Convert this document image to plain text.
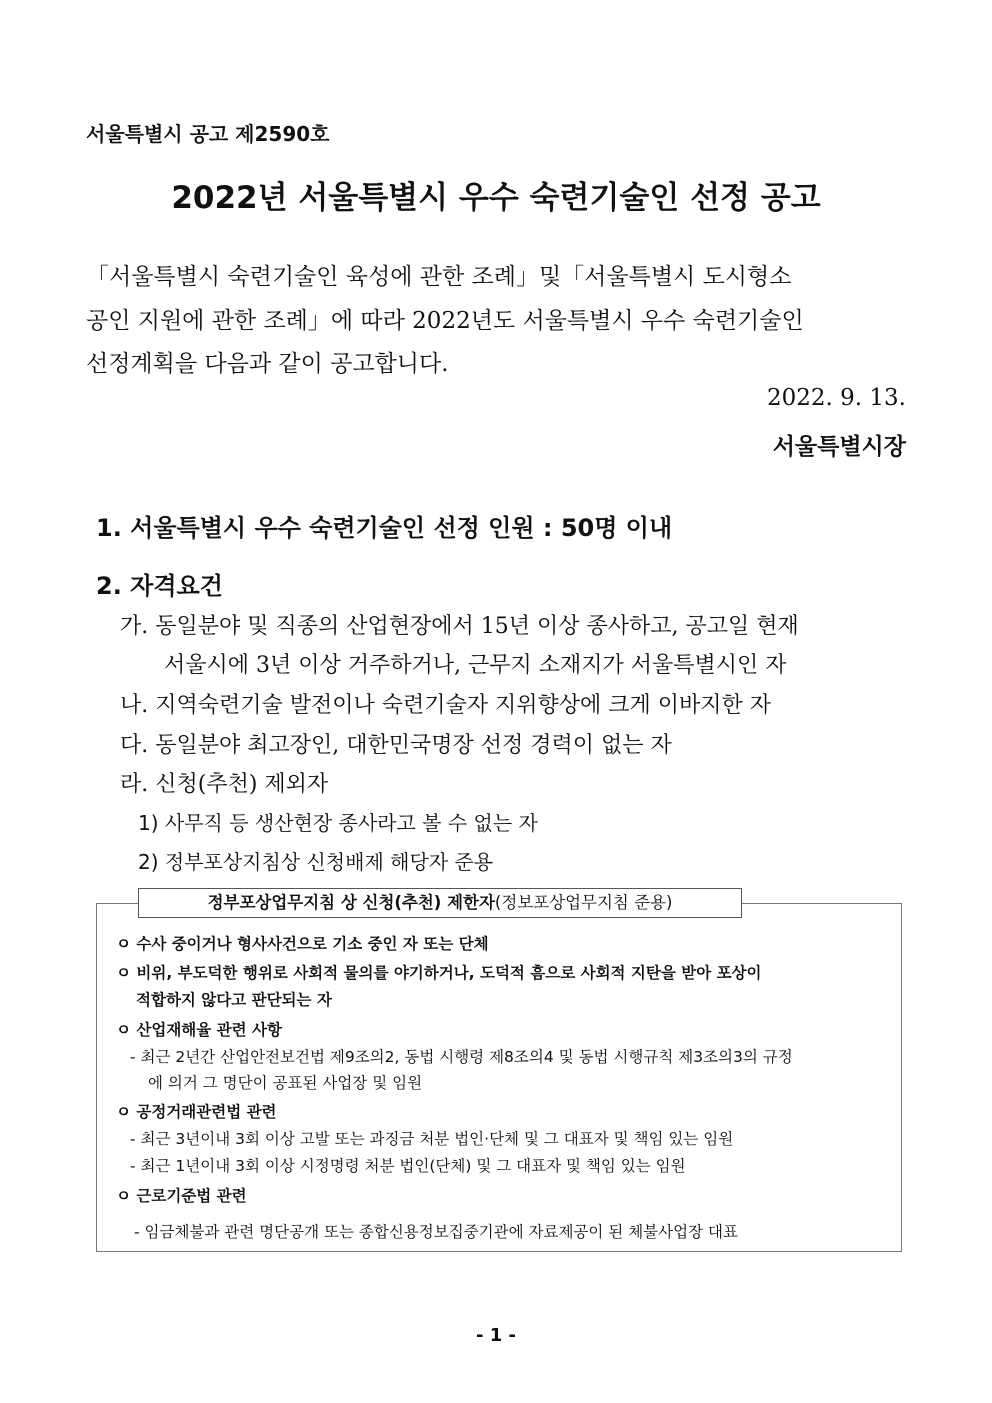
서울특별시 공고 제2590호
2022년 서울특별시 우수 숙련기술인 선정 공고
「서울특별시 숙련기술인 육성에 관한 조례」및「서울특별시 도시형소
공인 지원에 관한 조례」에 따라 2022년도 서울특별시 우수 숙련기술인
선정계획을 다음과 같이 공고합니다.
2022. 9. 13.
서울특별시장
1. 서울특별시 우수 숙련기술인 선정 인원 : 50명 이내
2. 자격요건
가. 동일분야 및 직종의 산업현장에서 15년 이상 종사하고, 공고일 현재
서울시에 3년 이상 거주하거나, 근무지 소재지가 서울특별시인 자
나. 지역숙련기술 발전이나 숙련기술자 지위향상에 크게 이바지한 자
다. 동일분야 최고장인, 대한민국명장 선정 경력이 없는 자
라. 신청(추천) 제외자
1) 사무직 등 생산현장 종사라고 볼 수 없는 자
2) 정부포상지침상 신청배제 해당자 준용
정부포상업무지침 상 신청(추천) 제한자(정보포상업무지침 준용)
ㅇ 수사 중이거나 형사사건으로 기소 중인 자 또는 단체
ㅇ 비위, 부도덕한 행위로 사회적 물의를 야기하거나, 도덕적 흠으로 사회적 지탄을 받아 포상이
적합하지 않다고 판단되는 자
ㅇ 산업재해율 관련 사항
- 최근 2년간 산업안전보건법 제9조의2, 동법 시행령 제8조의4 및 동법 시행규칙 제3조의3의 규정
에 의거 그 명단이 공표된 사업장 및 임원
ㅇ 공정거래관련법 관련
- 최근 3년이내 3회 이상 고발 또는 과징금 처분 법인·단체 및 그 대표자 및 책임 있는 임원
- 최근 1년이내 3회 이상 시정명령 처분 법인(단체) 및 그 대표자 및 책임 있는 임원
ㅇ 근로기준법 관련
- 임금체불과 관련 명단공개 또는 종합신용정보집중기관에 자료제공이 된 체불사업장 대표
- 1 -
